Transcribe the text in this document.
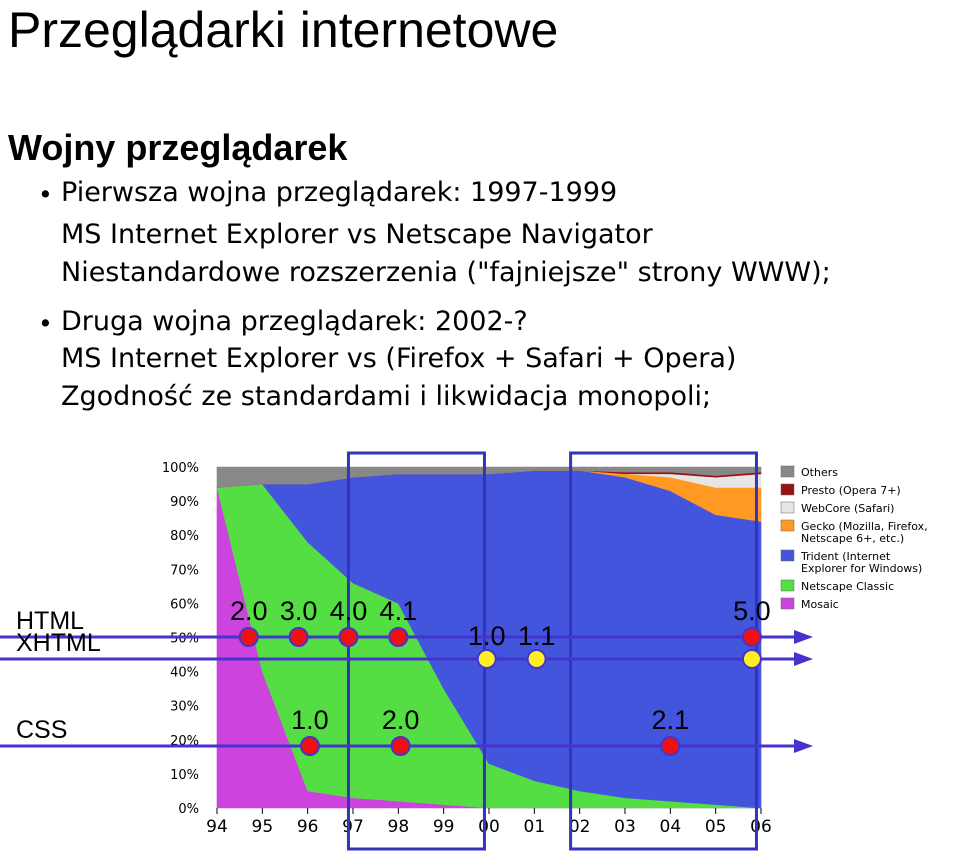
Przeglądarki internetowe
Wojny przeglądarek
• Pierwsza wojna przeglądarek: 1997-1999
MS Internet Explorer vs Netscape Navigator
Niestandardowe rozszerzenia ("fajniejsze" strony WWW);
• Druga wojna przeglądarek: 2002-?
MS Internet Explorer vs (Firefox + Safari + Opera)
Zgodność ze standardami i likwidacja monopoli;
0%
10%
20%
30%
40%
50%
60%
70%
80%
90%
100%
94 95 96 97 98 99 00 01 02 03 04 05 06
Others
Presto (Opera 7+)
WebCore (Safari)
Gecko (Mozilla, Firefox, Netscape 6+, etc.)
Trident (Internet Explorer for Windows)
Netscape Classic
Mosaic
HTML	2.0 3.0 4.0 4.1	5.0
XHTML	1.0 1.1
CSS	1.0 2.0	2.1
